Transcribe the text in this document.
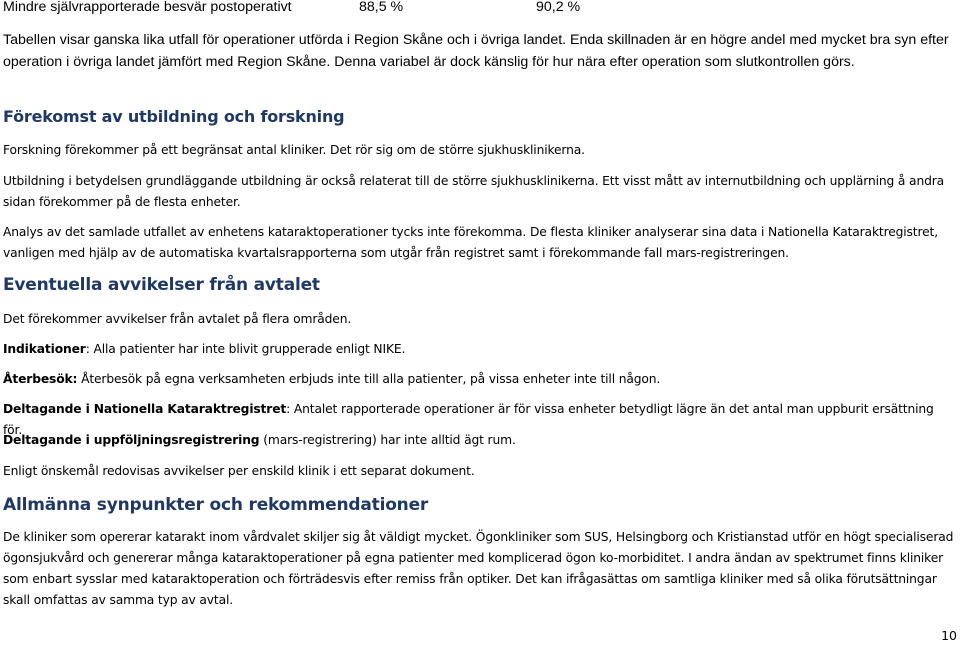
Mindre självrapporterade besvär postoperativt	88,5 %	90,2 %

Tabellen visar ganska lika utfall för operationer utförda i Region Skåne och i övriga landet. Enda skillnaden är en högre andel med mycket bra syn efter operation i övriga landet jämfört med Region Skåne. Denna variabel är dock känslig för hur nära efter operation som slutkontrollen görs.

Förekomst av utbildning och forskning

Forskning förekommer på ett begränsat antal kliniker. Det rör sig om de större sjukhusklinikerna.

Utbildning i betydelsen grundläggande utbildning är också relaterat till de större sjukhusklinikerna. Ett visst mått av internutbildning och upplärning å andra sidan förekommer på de flesta enheter.

Analys av det samlade utfallet av enhetens kataraktoperationer tycks inte förekomma. De flesta kliniker analyserar sina data i Nationella Kataraktregistret, vanligen med hjälp av de automatiska kvartalsrapporterna som utgår från registret samt i förekommande fall mars-registreringen.

Eventuella avvikelser från avtalet

Det förekommer avvikelser från avtalet på flera områden.

Indikationer: Alla patienter har inte blivit grupperade enligt NIKE.

Återbesök: Återbesök på egna verksamheten erbjuds inte till alla patienter, på vissa enheter inte till någon.

Deltagande i Nationella Kataraktregistret: Antalet rapporterade operationer är för vissa enheter betydligt lägre än det antal man uppburit ersättning för.

Deltagande i uppföljningsregistrering (mars-registrering) har inte alltid ägt rum.

Enligt önskemål redovisas avvikelser per enskild klinik i ett separat dokument.

Allmänna synpunkter och rekommendationer

De kliniker som opererar katarakt inom vårdvalet skiljer sig åt väldigt mycket. Ögonkliniker som SUS, Helsingborg och Kristianstad utför en högt specialiserad ögonsjukvård och genererar många kataraktoperationer på egna patienter med komplicerad ögon ko-morbiditet. I andra ändan av spektrumet finns kliniker som enbart sysslar med kataraktoperation och förträdesvis efter remiss från optiker. Det kan ifrågasättas om samtliga kliniker med så olika förutsättningar skall omfattas av samma typ av avtal.

10
